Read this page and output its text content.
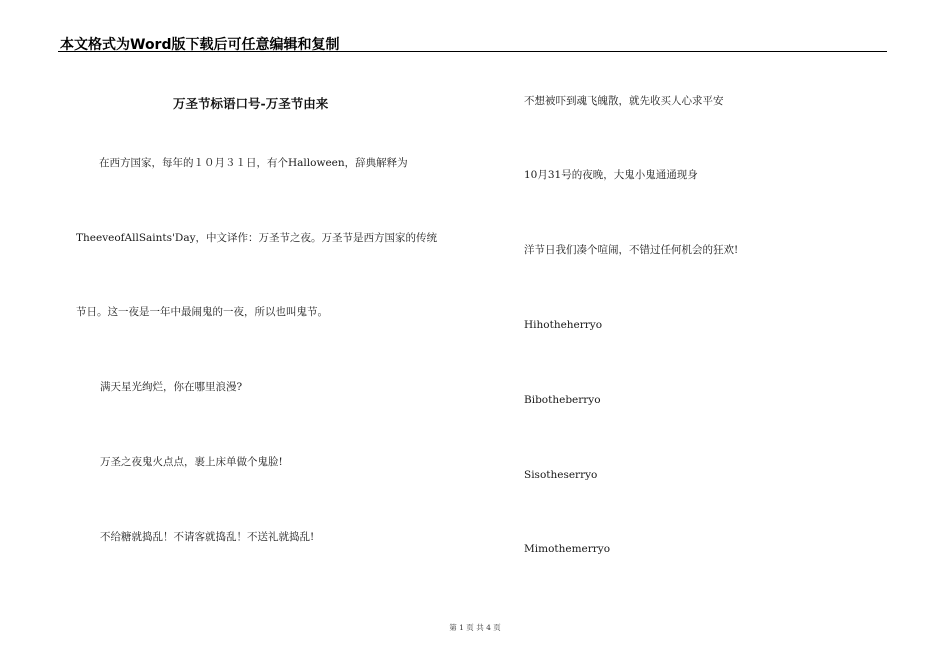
本文格式为Word版下载后可任意编辑和复制
万圣节标语口号-万圣节由来
在西方国家，每年的１０月３１日，有个Halloween，辞典解释为
TheeveofAllSaints'Day，中文译作：万圣节之夜。万圣节是西方国家的传统
节日。这一夜是一年中最闹鬼的一夜，所以也叫鬼节。
满天星光绚烂，你在哪里浪漫?
万圣之夜鬼火点点，裹上床单做个鬼脸!
不给糖就捣乱！不请客就捣乱！不送礼就捣乱!
不想被吓到魂飞魄散，就先收买人心求平安
10月31号的夜晚，大鬼小鬼通通现身
洋节日我们凑个喧闹，不错过任何机会的狂欢!
Hihotheherryo
Bibotheberryo
Sisotheserryo
Mimothemerryo
第 1 页 共 4 页
